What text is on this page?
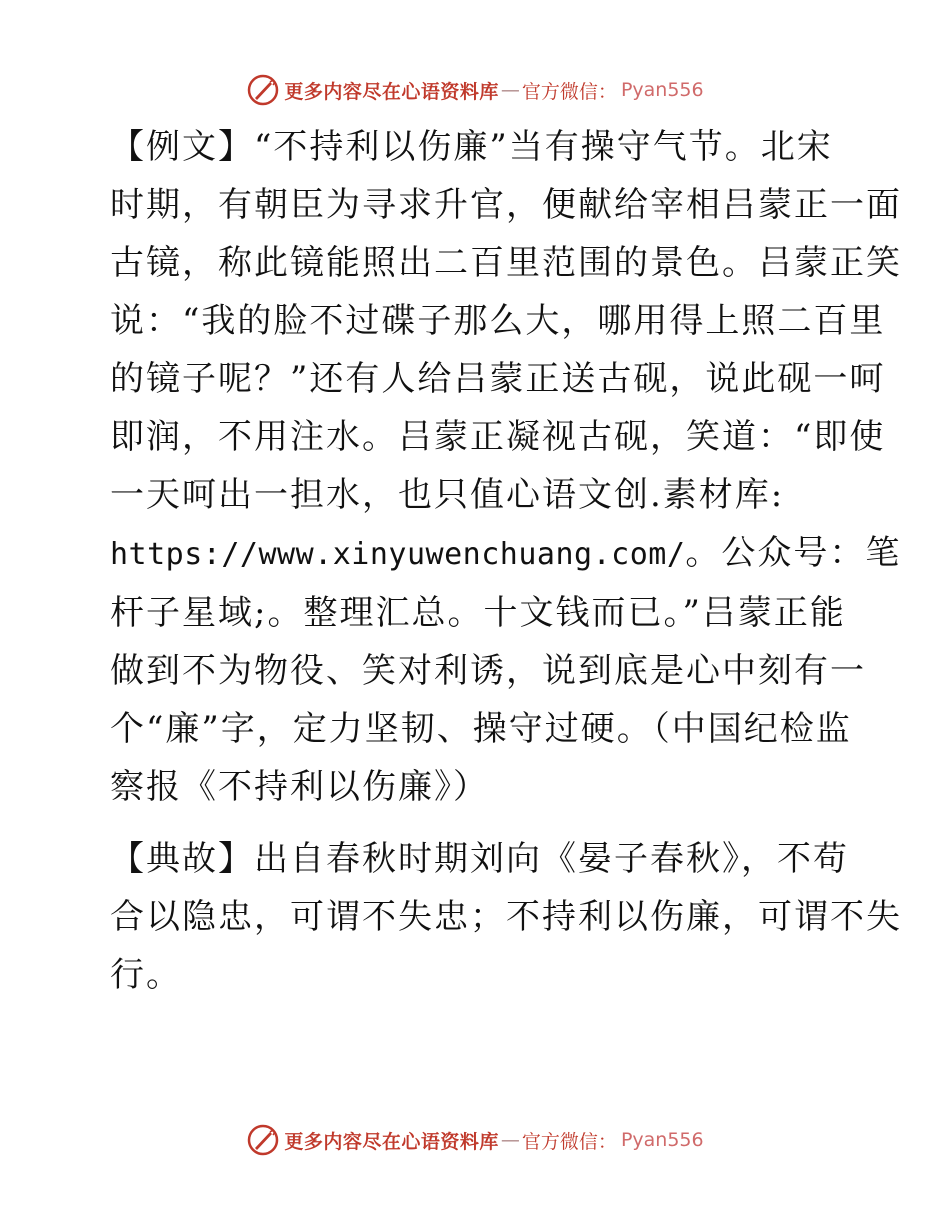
更多内容尽在心语资料库 — 官方微信 ： Pyan556
【例文】“不持利以伤廉”当有操守气节。北宋
时期，有朝臣为寻求升官，便献给宰相吕蒙正一面
古镜，称此镜能照出二百里范围的景色。吕蒙正笑
说：“我的脸不过碟子那么大，哪用得上照二百里
的镜子呢？”还有人给吕蒙正送古砚，说此砚一呵
即润，不用注水。吕蒙正凝视古砚，笑道：“即使
一天呵出一担水，也只值心语文创.素材库:
https://www.xinyuwenchuang.com/。公众号：笔
杆子星域;。整理汇总。十文钱而已。”吕蒙正能
做到不为物役、笑对利诱，说到底是心中刻有一
个“廉”字，定力坚韧、操守过硬。（中国纪检监
察报《不持利以伤廉》）
【典故】出自春秋时期刘向《晏子春秋》，不苟
合以隐忠，可谓不失忠；不持利以伤廉，可谓不失
行。
更多内容尽在心语资料库 — 官方微信 ： Pyan556
